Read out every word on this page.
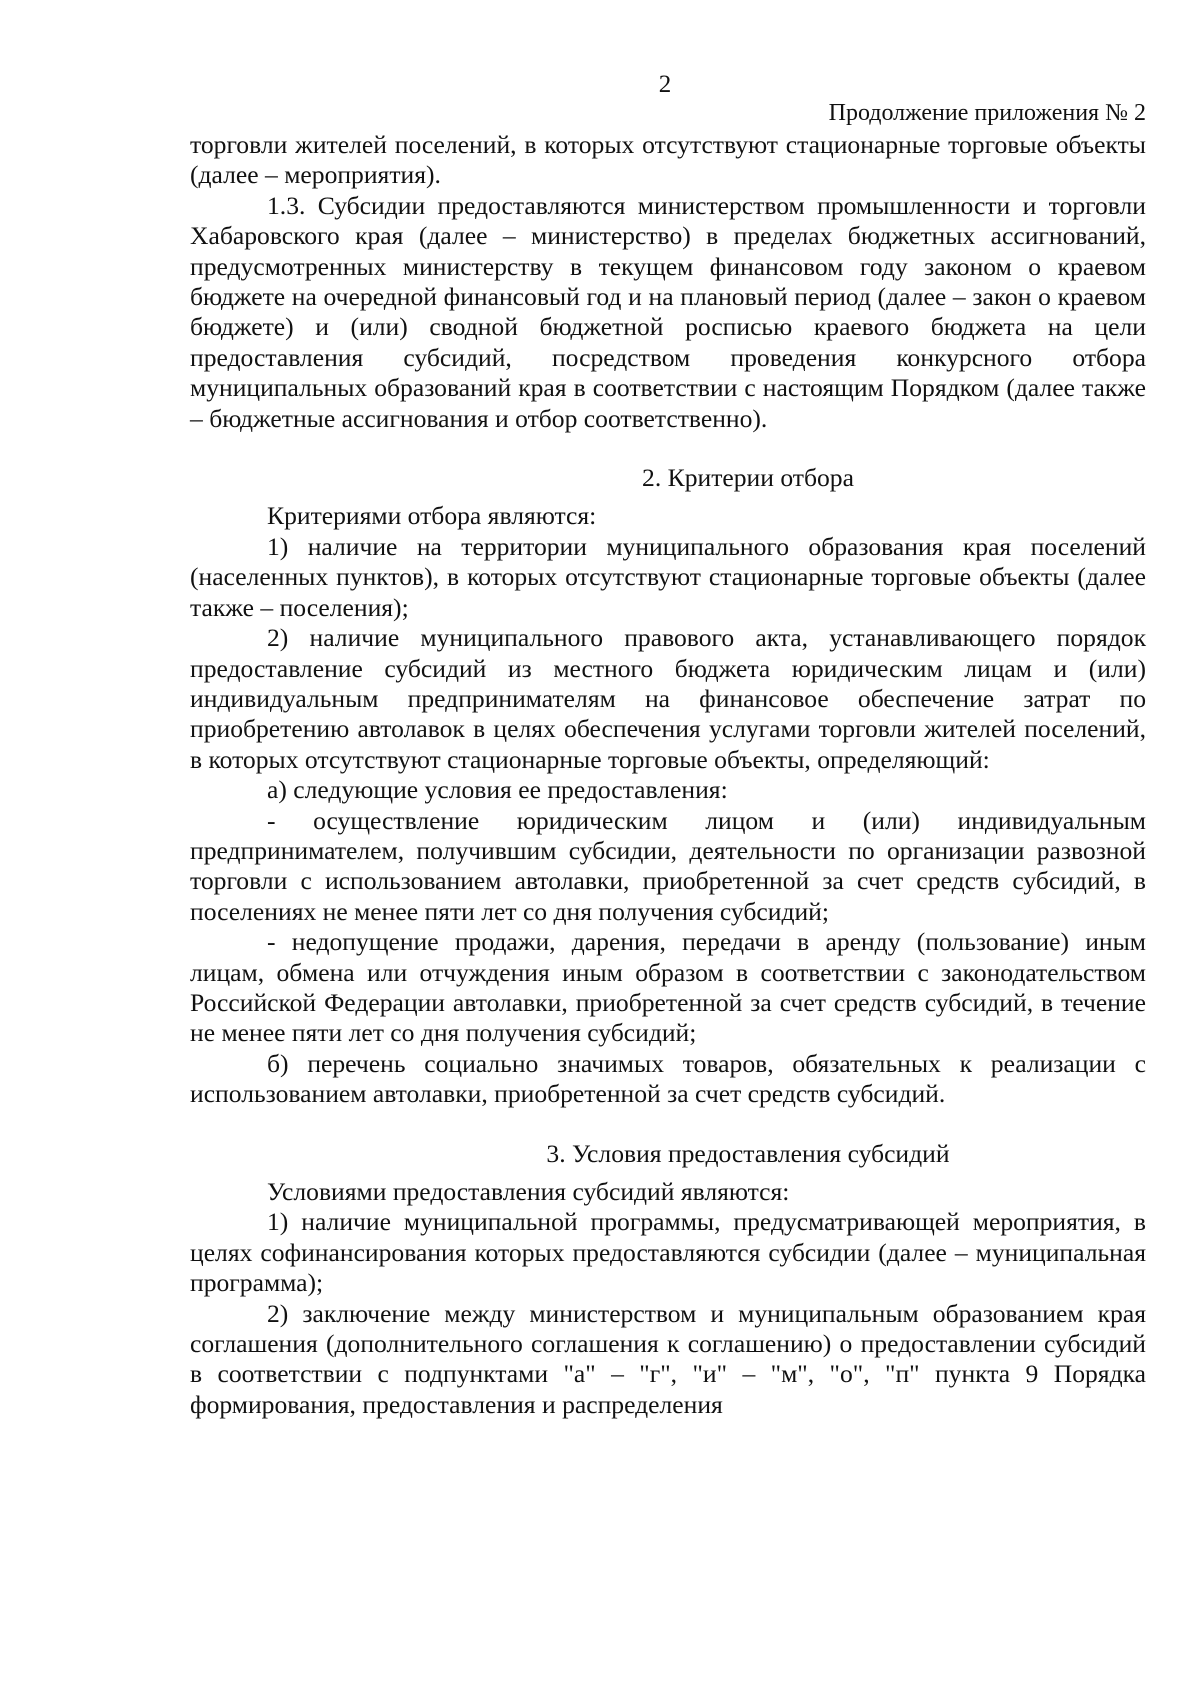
2
Продолжение приложения № 2

торговли жителей поселений, в которых отсутствуют стационарные торговые объекты (далее – мероприятия).

1.3. Субсидии предоставляются министерством промышленности и торговли Хабаровского края (далее – министерство) в пределах бюджетных ассигнований, предусмотренных министерству в текущем финансовом году законом о краевом бюджете на очередной финансовый год и на плановый период (далее – закон о краевом бюджете) и (или) сводной бюджетной росписью краевого бюджета на цели предоставления субсидий, посредством проведения конкурсного отбора муниципальных образований края в соответствии с настоящим Порядком (далее также – бюджетные ассигнования и отбор соответственно).

2. Критерии отбора

Критериями отбора являются:

1) наличие на территории муниципального образования края поселений (населенных пунктов), в которых отсутствуют стационарные торговые объекты (далее также – поселения);

2) наличие муниципального правового акта, устанавливающего порядок предоставление субсидий из местного бюджета юридическим лицам и (или) индивидуальным предпринимателям на финансовое обеспечение затрат по приобретению автолавок в целях обеспечения услугами торговли жителей поселений, в которых отсутствуют стационарные торговые объекты, определяющий:

а) следующие условия ее предоставления:

- осуществление юридическим лицом и (или) индивидуальным предпринимателем, получившим субсидии, деятельности по организации развозной торговли с использованием автолавки, приобретенной за счет средств субсидий, в поселениях не менее пяти лет со дня получения субсидий;

- недопущение продажи, дарения, передачи в аренду (пользование) иным лицам, обмена или отчуждения иным образом в соответствии с законодательством Российской Федерации автолавки, приобретенной за счет средств субсидий, в течение не менее пяти лет со дня получения субсидий;

б) перечень социально значимых товаров, обязательных к реализации с использованием автолавки, приобретенной за счет средств субсидий.

3. Условия предоставления субсидий

Условиями предоставления субсидий являются:

1) наличие муниципальной программы, предусматривающей мероприятия, в целях софинансирования которых предоставляются субсидии (далее – муниципальная программа);

2) заключение между министерством и муниципальным образованием края соглашения (дополнительного соглашения к соглашению) о предоставлении субсидий в соответствии с подпунктами "а" – "г", "и" – "м", "о", "п" пункта 9 Порядка формирования, предоставления и распределения
